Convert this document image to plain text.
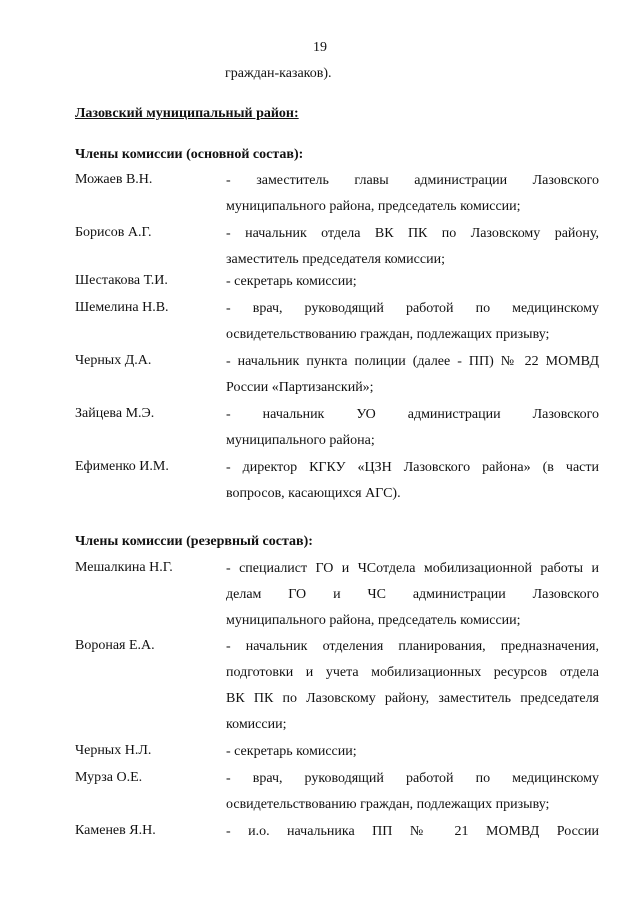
19
граждан-казаков).
Лазовский муниципальный район:
Члены комиссии (основной состав):
Можаев В.Н.	- заместитель главы администрации Лазовского
муниципального района, председатель комиссии;
Борисов А.Г.	- начальник отдела ВК ПК по Лазовскому району,
заместитель председателя комиссии;
Шестакова Т.И.	- секретарь комиссии;
Шемелина Н.В.	- врач, руководящий работой по медицинскому
освидетельствованию граждан, подлежащих призыву;
Черных Д.А.	- начальник пункта полиции (далее - ПП) № 22 МОМВД
России «Партизанский»;
Зайцева М.Э.	- начальник УО администрации Лазовского
муниципального района;
Ефименко И.М.	- директор КГКУ «ЦЗН Лазовского района» (в части
вопросов, касающихся АГС).
Члены комиссии (резервный состав):
Мешалкина Н.Г.	- специалист ГО и ЧСотдела мобилизационной работы и
делам ГО и ЧС администрации Лазовского
муниципального района, председатель комиссии;
Вороная Е.А.	- начальник отделения планирования, предназначения,
подготовки и учета мобилизационных ресурсов отдела
ВК ПК по Лазовскому району, заместитель председателя
комиссии;
Черных Н.Л.	- секретарь комиссии;
Мурза О.Е.	- врач, руководящий работой по медицинскому
освидетельствованию граждан, подлежащих призыву;
Каменев Я.Н.	- и.о. начальника ПП № 21 МОМВД России
